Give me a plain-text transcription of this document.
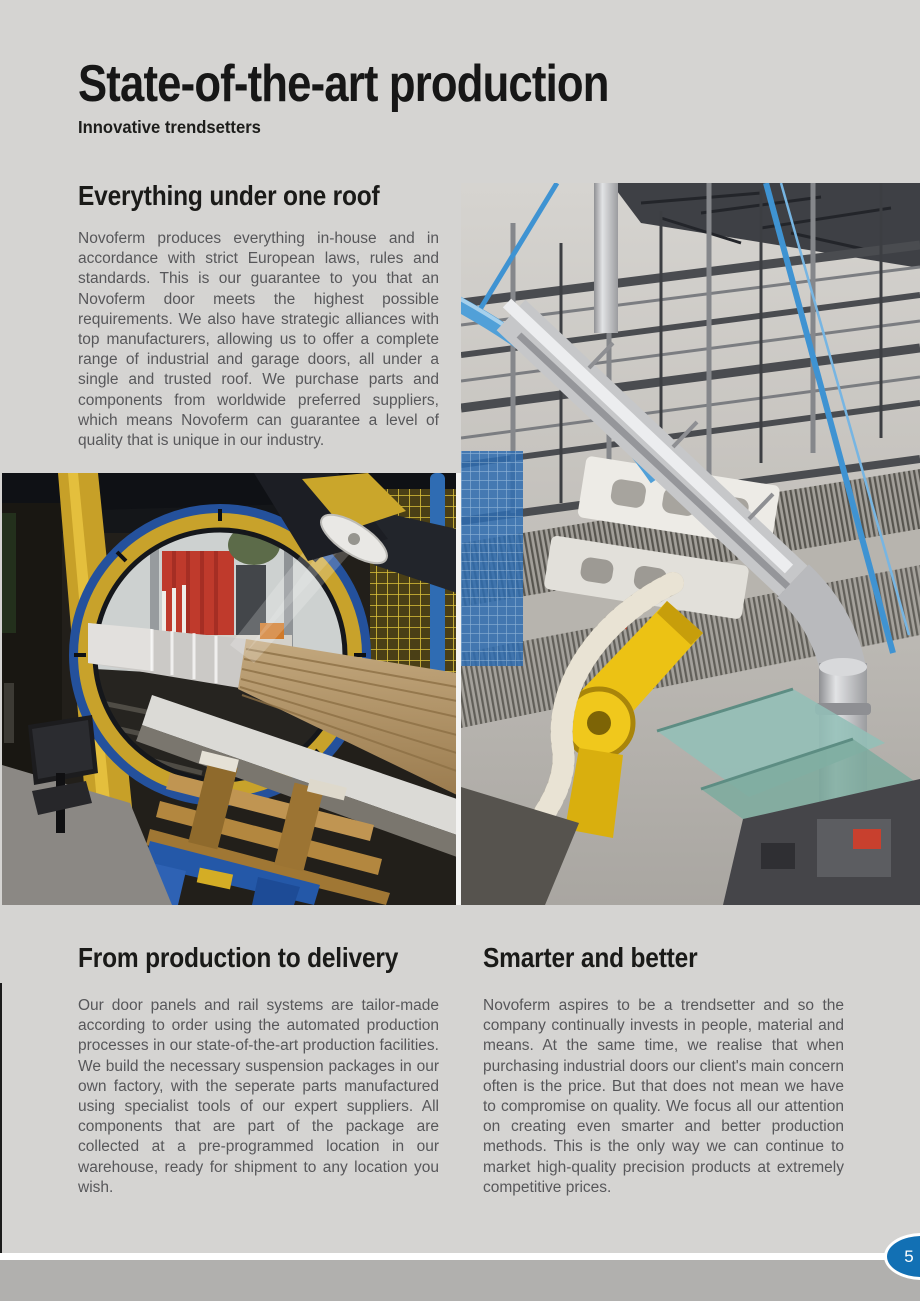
State-of-the-art production
Innovative trendsetters
Everything under one roof
Novoferm produces everything in-house and in accordance with strict European laws, rules and standards. This is our guarantee to you that an Novoferm door meets the highest possible requirements. We also have strategic alliances with top manufacturers, allowing us to offer a complete range of industrial and garage doors, all under a single and trusted roof. We purchase parts and components from worldwide preferred suppliers, which means Novoferm can guarantee a level of quality that is unique in our industry.
From production to delivery
Our door panels and rail systems are tailor-made according to order using the automated production processes in our state-of-the-art production facilities. We build the necessary suspension packages in our own factory, with the seperate parts manufactured using specialist tools of our expert suppliers. All components that are part of the package are collected at a pre-programmed location in our warehouse, ready for shipment to any location you wish.
Smarter and better
Novoferm aspires to be a trendsetter and so the company continually invests in people, material and means. At the same time, we realise that when purchasing industrial doors our client's main concern often is the price. But that does not mean we have to compromise on quality. We focus all our attention on creating even smarter and better production methods. This is the only way we can continue to market high-quality precision products at extremely competitive prices.
5
